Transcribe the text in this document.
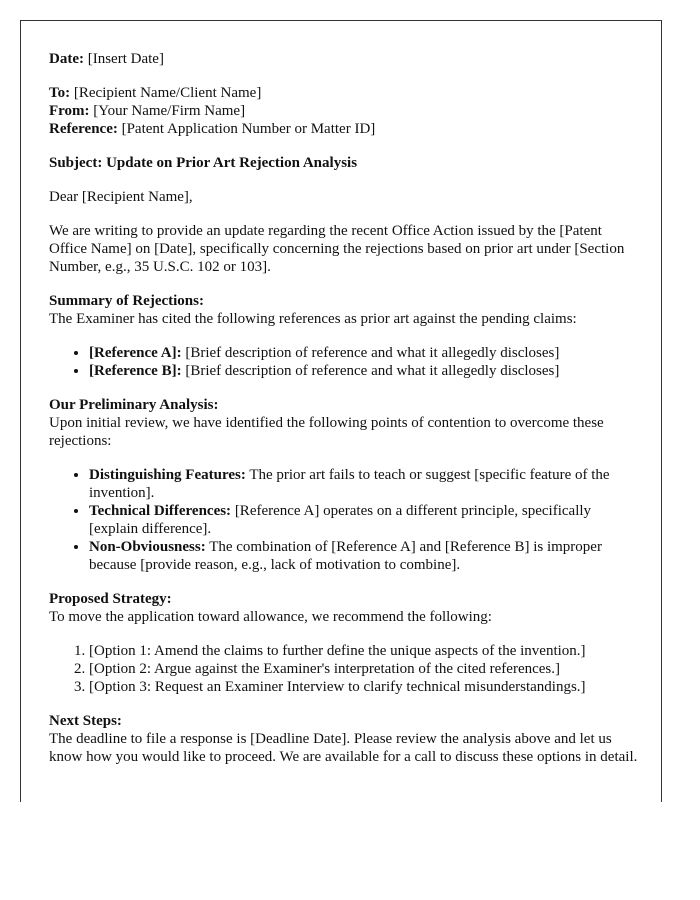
Date: [Insert Date]

To: [Recipient Name/Client Name]
From: [Your Name/Firm Name]
Reference: [Patent Application Number or Matter ID]

Subject: Update on Prior Art Rejection Analysis

Dear [Recipient Name],

We are writing to provide an update regarding the recent Office Action issued by the [Patent Office Name] on [Date], specifically concerning the rejections based on prior art under [Section Number, e.g., 35 U.S.C. 102 or 103].

Summary of Rejections:
The Examiner has cited the following references as prior art against the pending claims:

• [Reference A]: [Brief description of reference and what it allegedly discloses]
• [Reference B]: [Brief description of reference and what it allegedly discloses]

Our Preliminary Analysis:
Upon initial review, we have identified the following points of contention to overcome these rejections:

• Distinguishing Features: The prior art fails to teach or suggest [specific feature of the invention].
• Technical Differences: [Reference A] operates on a different principle, specifically [explain difference].
• Non-Obviousness: The combination of [Reference A] and [Reference B] is improper because [provide reason, e.g., lack of motivation to combine].

Proposed Strategy:
To move the application toward allowance, we recommend the following:

1. [Option 1: Amend the claims to further define the unique aspects of the invention.]
2. [Option 2: Argue against the Examiner's interpretation of the cited references.]
3. [Option 3: Request an Examiner Interview to clarify technical misunderstandings.]

Next Steps:
The deadline to file a response is [Deadline Date]. Please review the analysis above and let us know how you would like to proceed. We are available for a call to discuss these options in detail.
